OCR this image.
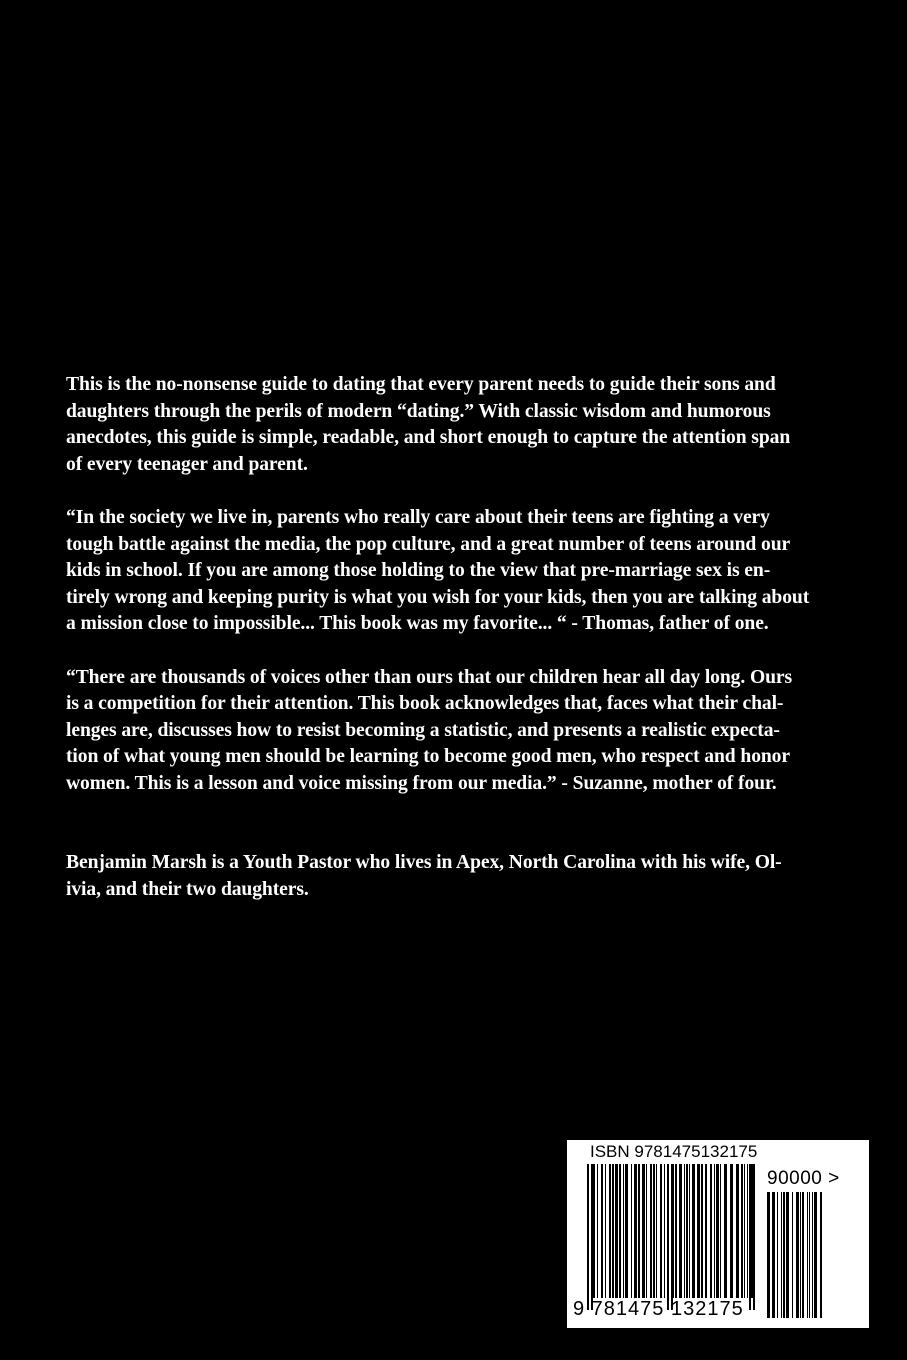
This is the no-nonsense guide to dating that every parent needs to guide their sons and
daughters through the perils of modern “dating.” With classic wisdom and humorous
anecdotes, this guide is simple, readable, and short enough to capture the attention span
of every teenager and parent.

“In the society we live in, parents who really care about their teens are fighting a very
tough battle against the media, the pop culture, and a great number of teens around our
kids in school. If you are among those holding to the view that pre-marriage sex is en-
tirely wrong and keeping purity is what you wish for your kids, then you are talking about
a mission close to impossible... This book was my favorite... “ - Thomas, father of one.

“There are thousands of voices other than ours that our children hear all day long. Ours
is a competition for their attention. This book acknowledges that, faces what their chal-
lenges are, discusses how to resist becoming a statistic, and presents a realistic expecta-
tion of what young men should be learning to become good men, who respect and honor
women. This is a lesson and voice missing from our media.” - Suzanne, mother of four.

Benjamin Marsh is a Youth Pastor who lives in Apex, North Carolina with his wife, Ol-
ivia, and their two daughters.

ISBN 9781475132175
90000 >
9 781475 132175
